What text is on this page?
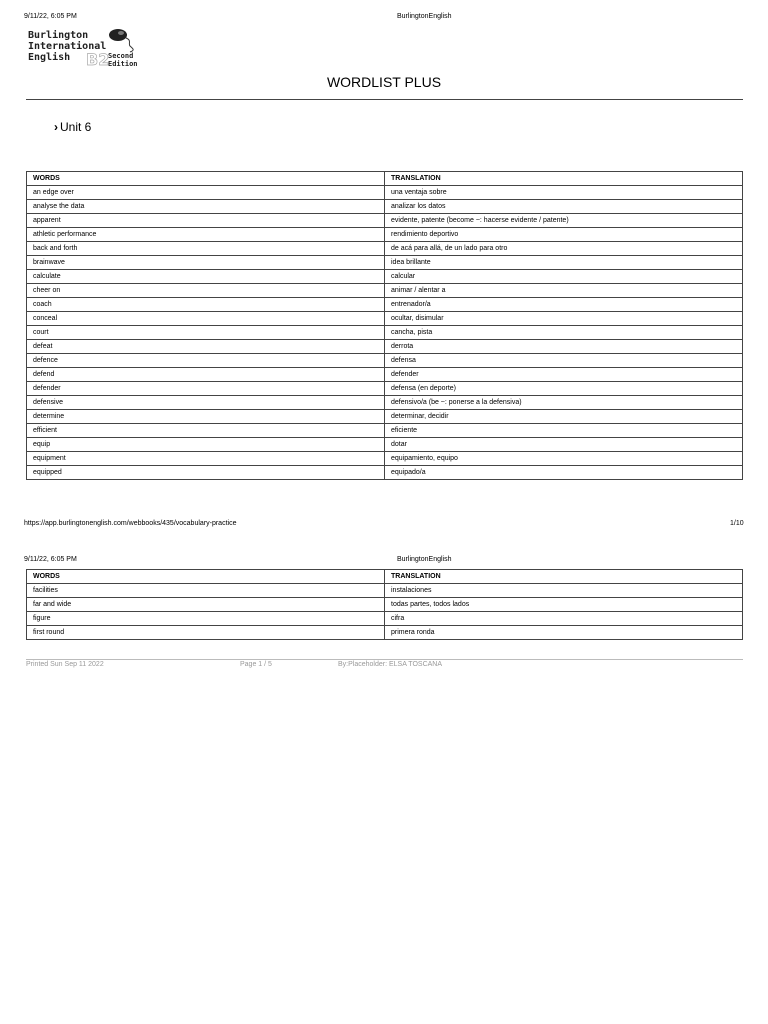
9/11/22, 6:05 PM	BurlingtonEnglish
Burlington
International
English B2
Second
Edition
WORDLIST PLUS
› Unit 6
WORDS	TRANSLATION
an edge over	una ventaja sobre
analyse the data	analizar los datos
apparent	evidente, patente (become ~: hacerse evidente / patente)
athletic performance	rendimiento deportivo
back and forth	de acá para allá, de un lado para otro
brainwave	idea brillante
calculate	calcular
cheer on	animar / alentar a
coach	entrenador/a
conceal	ocultar, disimular
court	cancha, pista
defeat	derrota
defence	defensa
defend	defender
defender	defensa (en deporte)
defensive	defensivo/a (be ~: ponerse a la defensiva)
determine	determinar, decidir
efficient	eficiente
equip	dotar
equipment	equipamiento, equipo
equipped	equipado/a
https://app.burlingtonenglish.com/webbooks/435/vocabulary-practice	1/10
9/11/22, 6:05 PM	BurlingtonEnglish
WORDS	TRANSLATION
facilities	instalaciones
far and wide	todas partes, todos lados
figure	cifra
first round	primera ronda
Printed Sun Sep 11 2022	Page 1 / 5	By:Placeholder: ELSA TOSCANA
